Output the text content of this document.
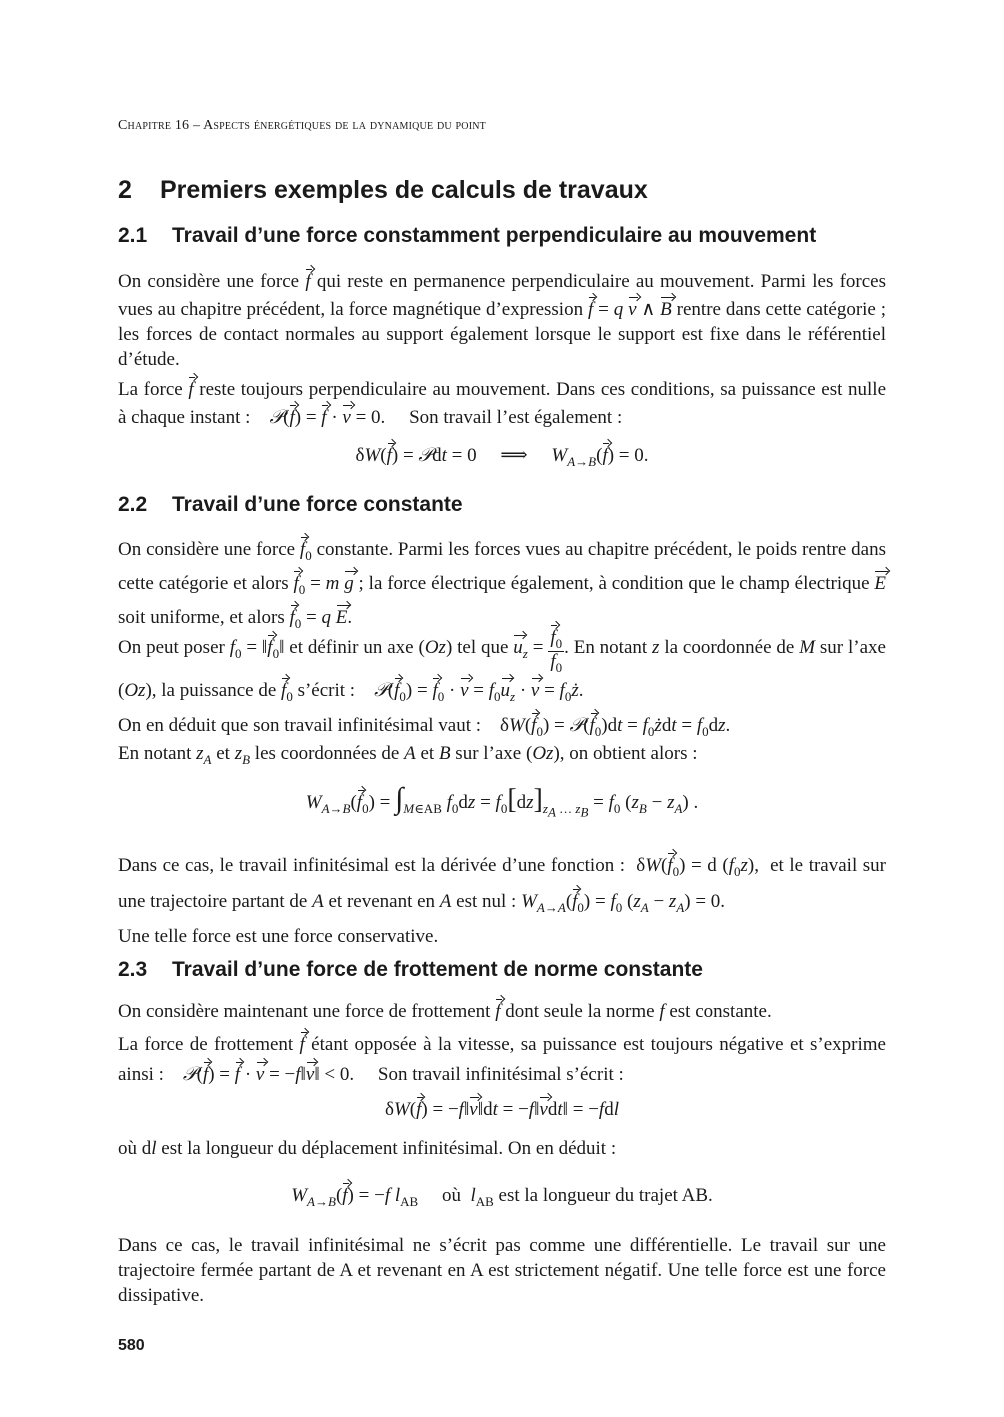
Chapitre 16 – Aspects énergétiques de la dynamique du point
2 Premiers exemples de calculs de travaux
2.1 Travail d’une force constamment perpendiculaire au mouvement

On considère une force f qui reste en permanence perpendiculaire au mouvement. Parmi les forces vues au chapitre précédent, la force magnétique d’expression f = q v ∧ B rentre dans cette catégorie ; les forces de contact normales au support également lorsque le support est fixe dans le référentiel d’étude.

La force f reste toujours perpendiculaire au mouvement. Dans ces conditions, sa puissance est nulle à chaque instant : 𝒫(f) = f · v = 0.     Son travail l’est également :

δW(f) = 𝒫dt = 0     ⟹     $W_{A\to B}(f) = 0$.
2.2 Travail d’une force constante

On considère une force $f_0$ constante. Parmi les forces vues au chapitre précédent, le poids rentre dans cette catégorie et alors $f_0 = m$ g ; la force électrique également, à condition que le champ électrique E soit uniforme, et alors $f_0 = q$ E.

On peut poser $f_0$ = $‖f_0‖$ et définir un axe (Oz) tel que $u_z = \frac{f_0}{f_0}$ . En notant z la coordonnée de M sur l’axe (Oz), la puissance de $f_0$ s’écrit : $𝒫(f_0) = f_0 \cdot v = f_0u_z \cdot v$ = $f_0ż$.

On en déduit que son travail infinitésimal vaut :    $\delta W(f_0)$ = $𝒫(f_0)dt$ = $f_0żdt = f_0dz$.

En notant $z_A$ et $z_B$ les coordonnées de A et B sur l’axe (Oz), on obtient alors :

$W_{A\to B}(f_0) = \int_{M\in AB}$ $f_0dz = f_0[dz]_{z_A \dots z_B} = f_0$ $(z_B - z_A)$ .

Dans ce cas, le travail infinitésimal est la dérivée d’une fonction :  $\delta W(f_0) = d$ $(f_0z)$,  et le travail sur une trajectoire partant de A et revenant en A est nul : $W_{A\to A}(f_0) = f_0$ $(z_A - z_A) = 0$.
Une telle force est une force conservative.

2.3 Travail d’une force de frottement de norme constante

On considère maintenant une force de frottement f dont seule la norme f est constante.

La force de frottement f étant opposée à la vitesse, sa puissance est toujours négative et s’exprime ainsi : 𝒫(f) = f · v = −f‖v‖ < 0.     Son travail infinitésimal s’écrit :

δW(f) = −f‖v‖dt = −f‖vdt‖ = −fdl

où dl est la longueur du déplacement infinitésimal. On en déduit :

$W_{A\to B}(f) = -f$ $l_{AB}$ où $l_{AB}$ est la longueur du trajet AB.

Dans ce cas, le travail infinitésimal ne s’écrit pas comme une différentielle. Le travail sur une trajectoire fermée partant de A et revenant en A est strictement négatif. Une telle force est une force dissipative.

580
